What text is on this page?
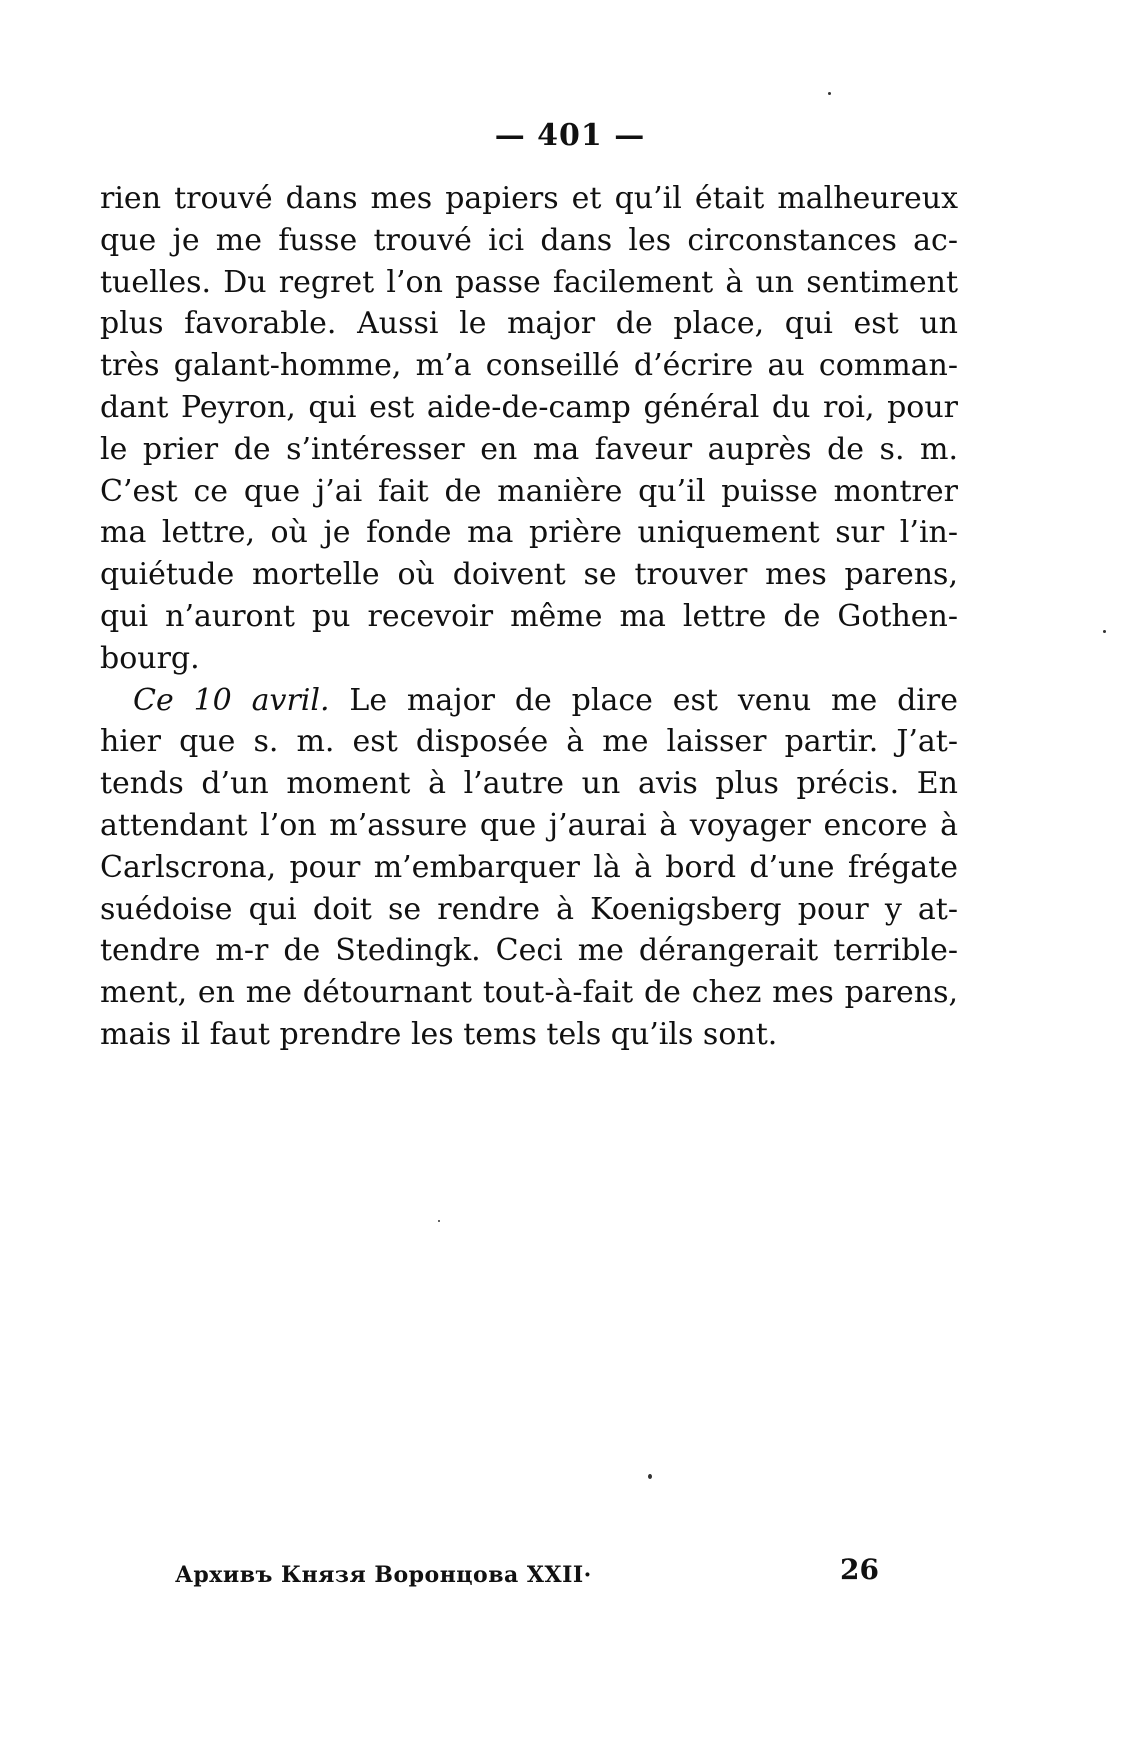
— 401 —
rien trouvé dans mes papiers et qu’il était malheureux
que je me fusse trouvé ici dans les circonstances ac-
tuelles. Du regret l’on passe facilement à un sentiment
plus favorable. Aussi le major de place, qui est un
très galant-homme, m’a conseillé d’écrire au comman-
dant Peyron, qui est aide-de-camp général du roi, pour
le prier de s’intéresser en ma faveur auprès de s. m.
C’est ce que j’ai fait de manière qu’il puisse montrer
ma lettre, où je fonde ma prière uniquement sur l’in-
quiétude mortelle où doivent se trouver mes parens,
qui n’auront pu recevoir même ma lettre de Gothen-
bourg.
Ce 10 avril. Le major de place est venu me dire
hier que s. m. est disposée à me laisser partir. J’at-
tends d’un moment à l’autre un avis plus précis. En
attendant l’on m’assure que j’aurai à voyager encore à
Carlscrona, pour m’embarquer là à bord d’une frégate
suédoise qui doit se rendre à Koenigsberg pour y at-
tendre m-r de Stedingk. Ceci me dérangerait terrible-
ment, en me détournant tout-à-fait de chez mes parens,
mais il faut prendre les tems tels qu’ils sont.
Архивъ Князя Воронцова XXII·	26
